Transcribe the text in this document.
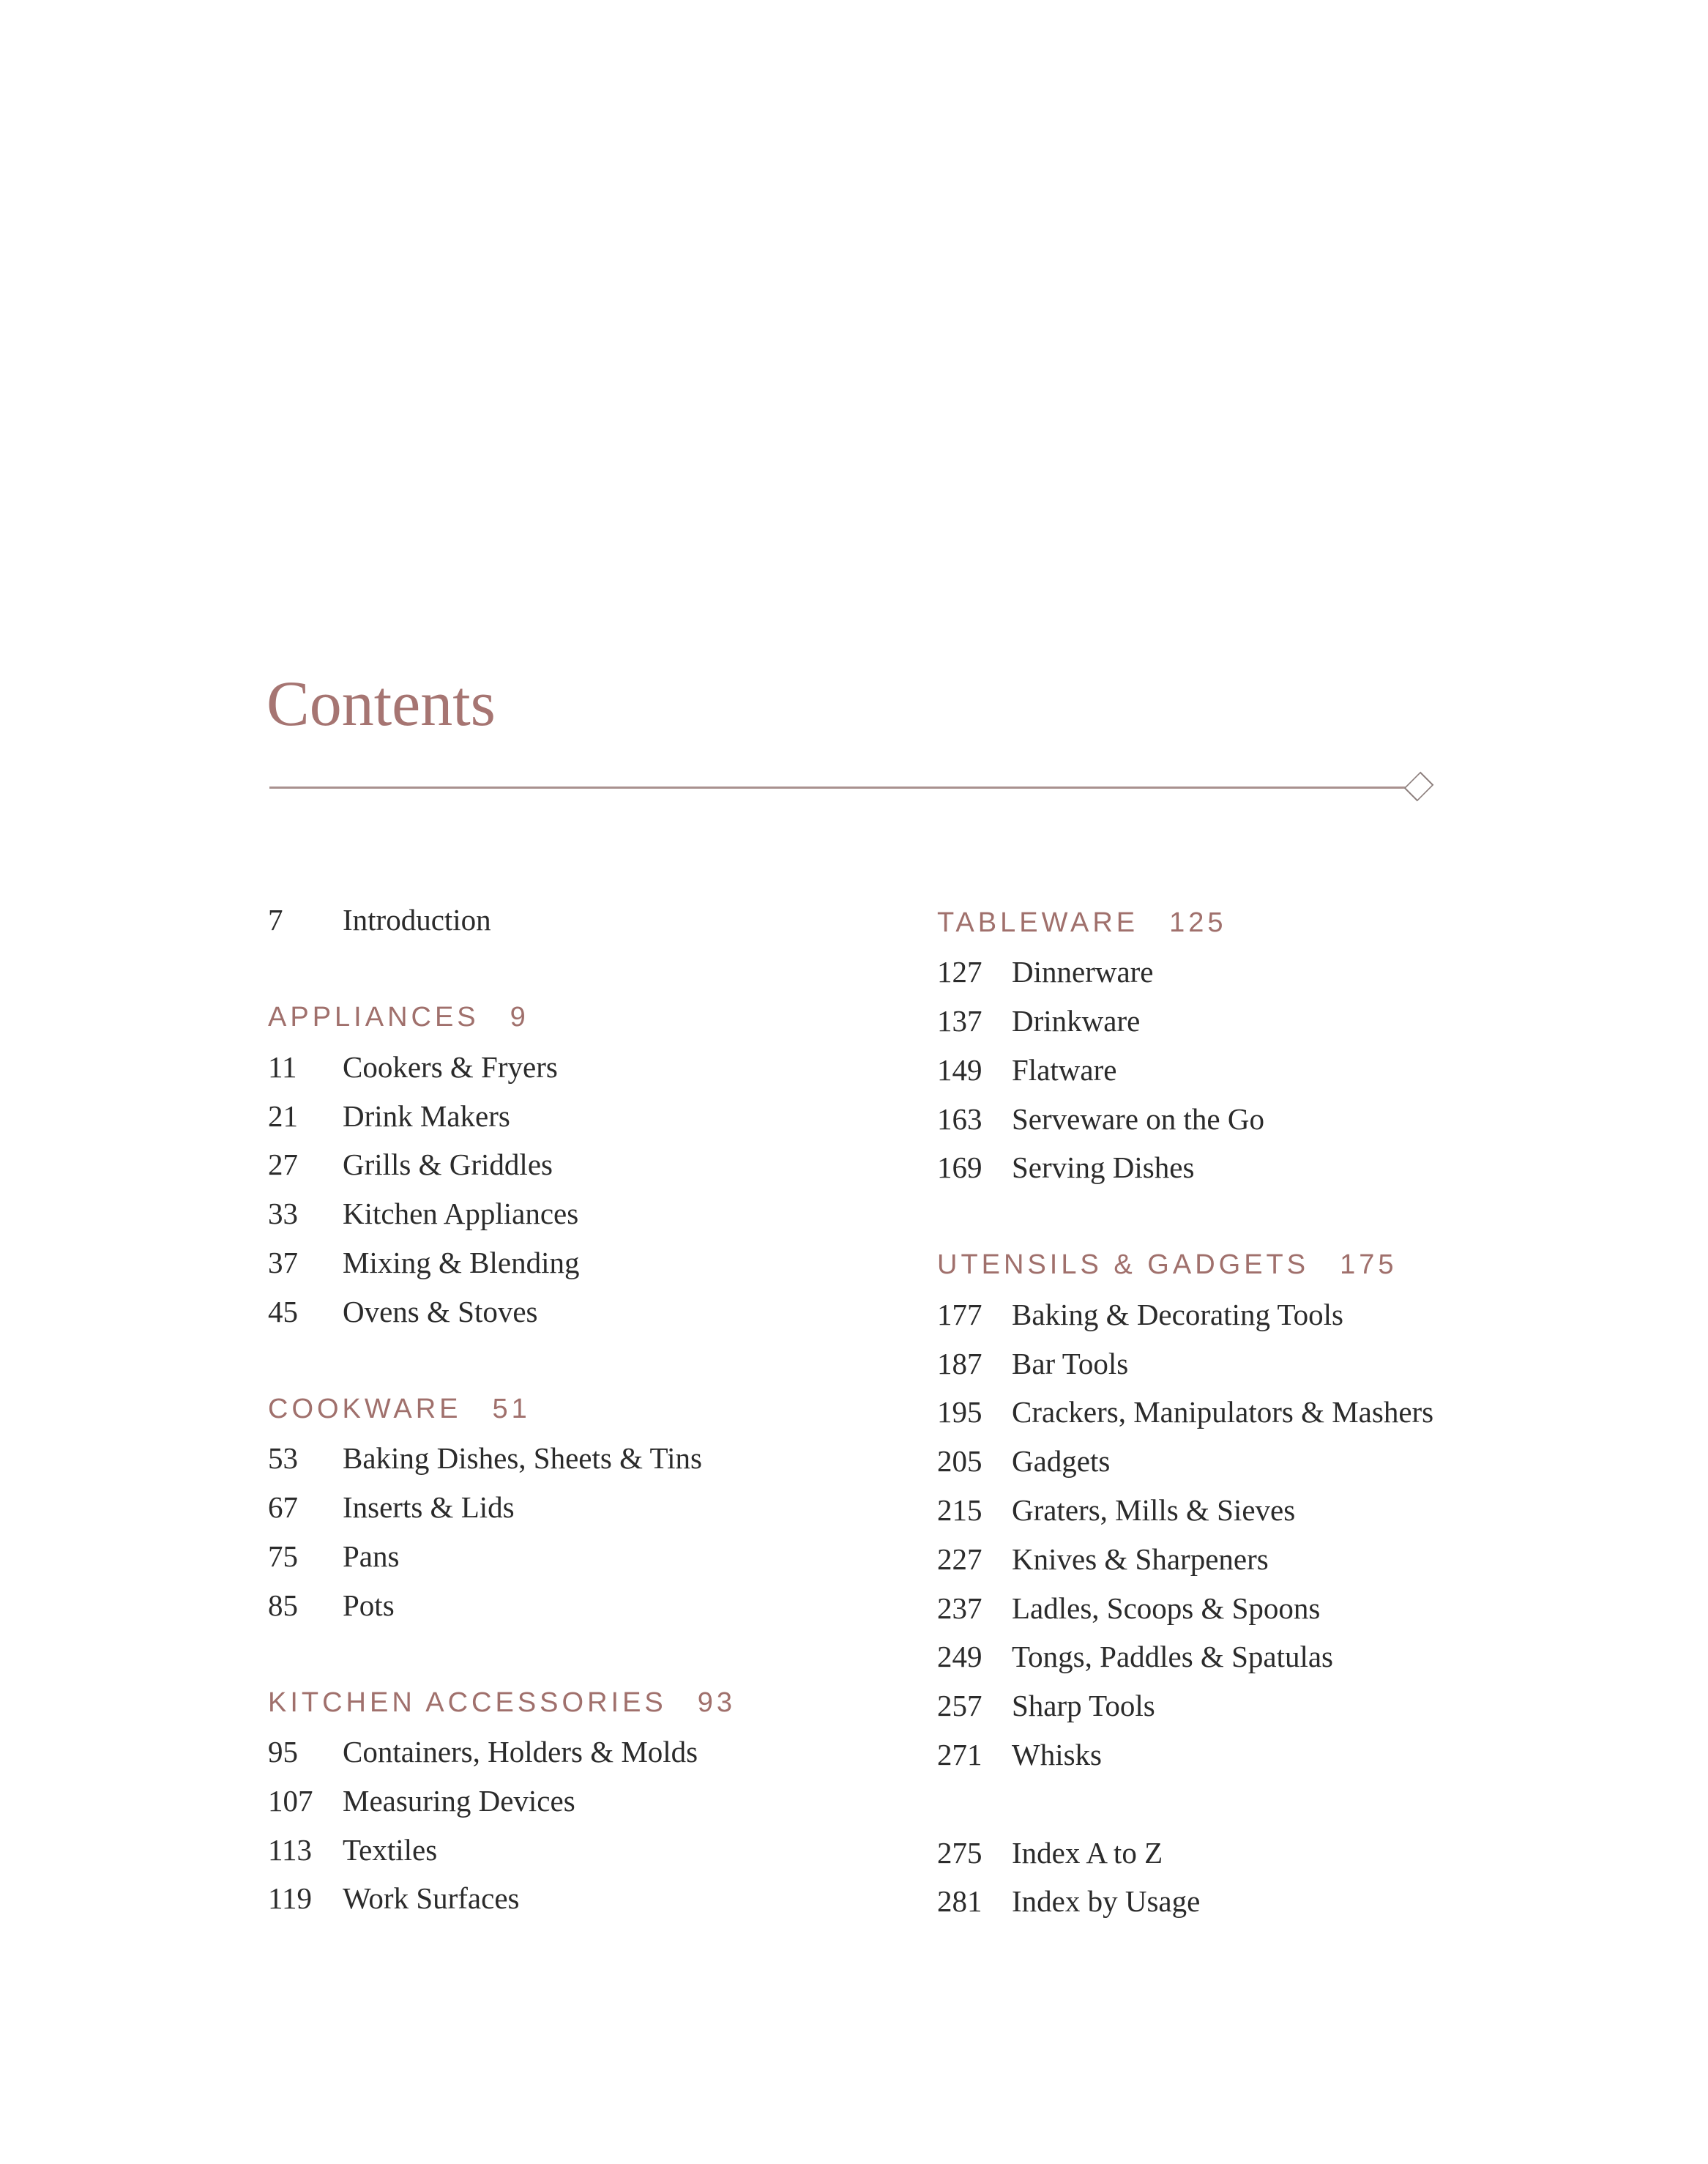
Contents
7	Introduction
APPLIANCES 9
11	Cookers & Fryers
21	Drink Makers
27	Grills & Griddles
33	Kitchen Appliances
37	Mixing & Blending
45	Ovens & Stoves
COOKWARE 51
53	Baking Dishes, Sheets & Tins
67	Inserts & Lids
75	Pans
85	Pots
KITCHEN ACCESSORIES 93
95	Containers, Holders & Molds
107 Measuring Devices
113	Textiles
119	Work Surfaces
TABLEWARE 125
127 Dinnerware
137 Drinkware
149 Flatware
163 Serveware on the Go
169 Serving Dishes
UTENSILS & GADGETS 175
177 Baking & Decorating Tools
187 Bar Tools
195 Crackers, Manipulators & Mashers
205 Gadgets
215 Graters, Mills & Sieves
227 Knives & Sharpeners
237 Ladles, Scoops & Spoons
249 Tongs, Paddles & Spatulas
257 Sharp Tools
271 Whisks
275 Index A to Z
281 Index by Usage
